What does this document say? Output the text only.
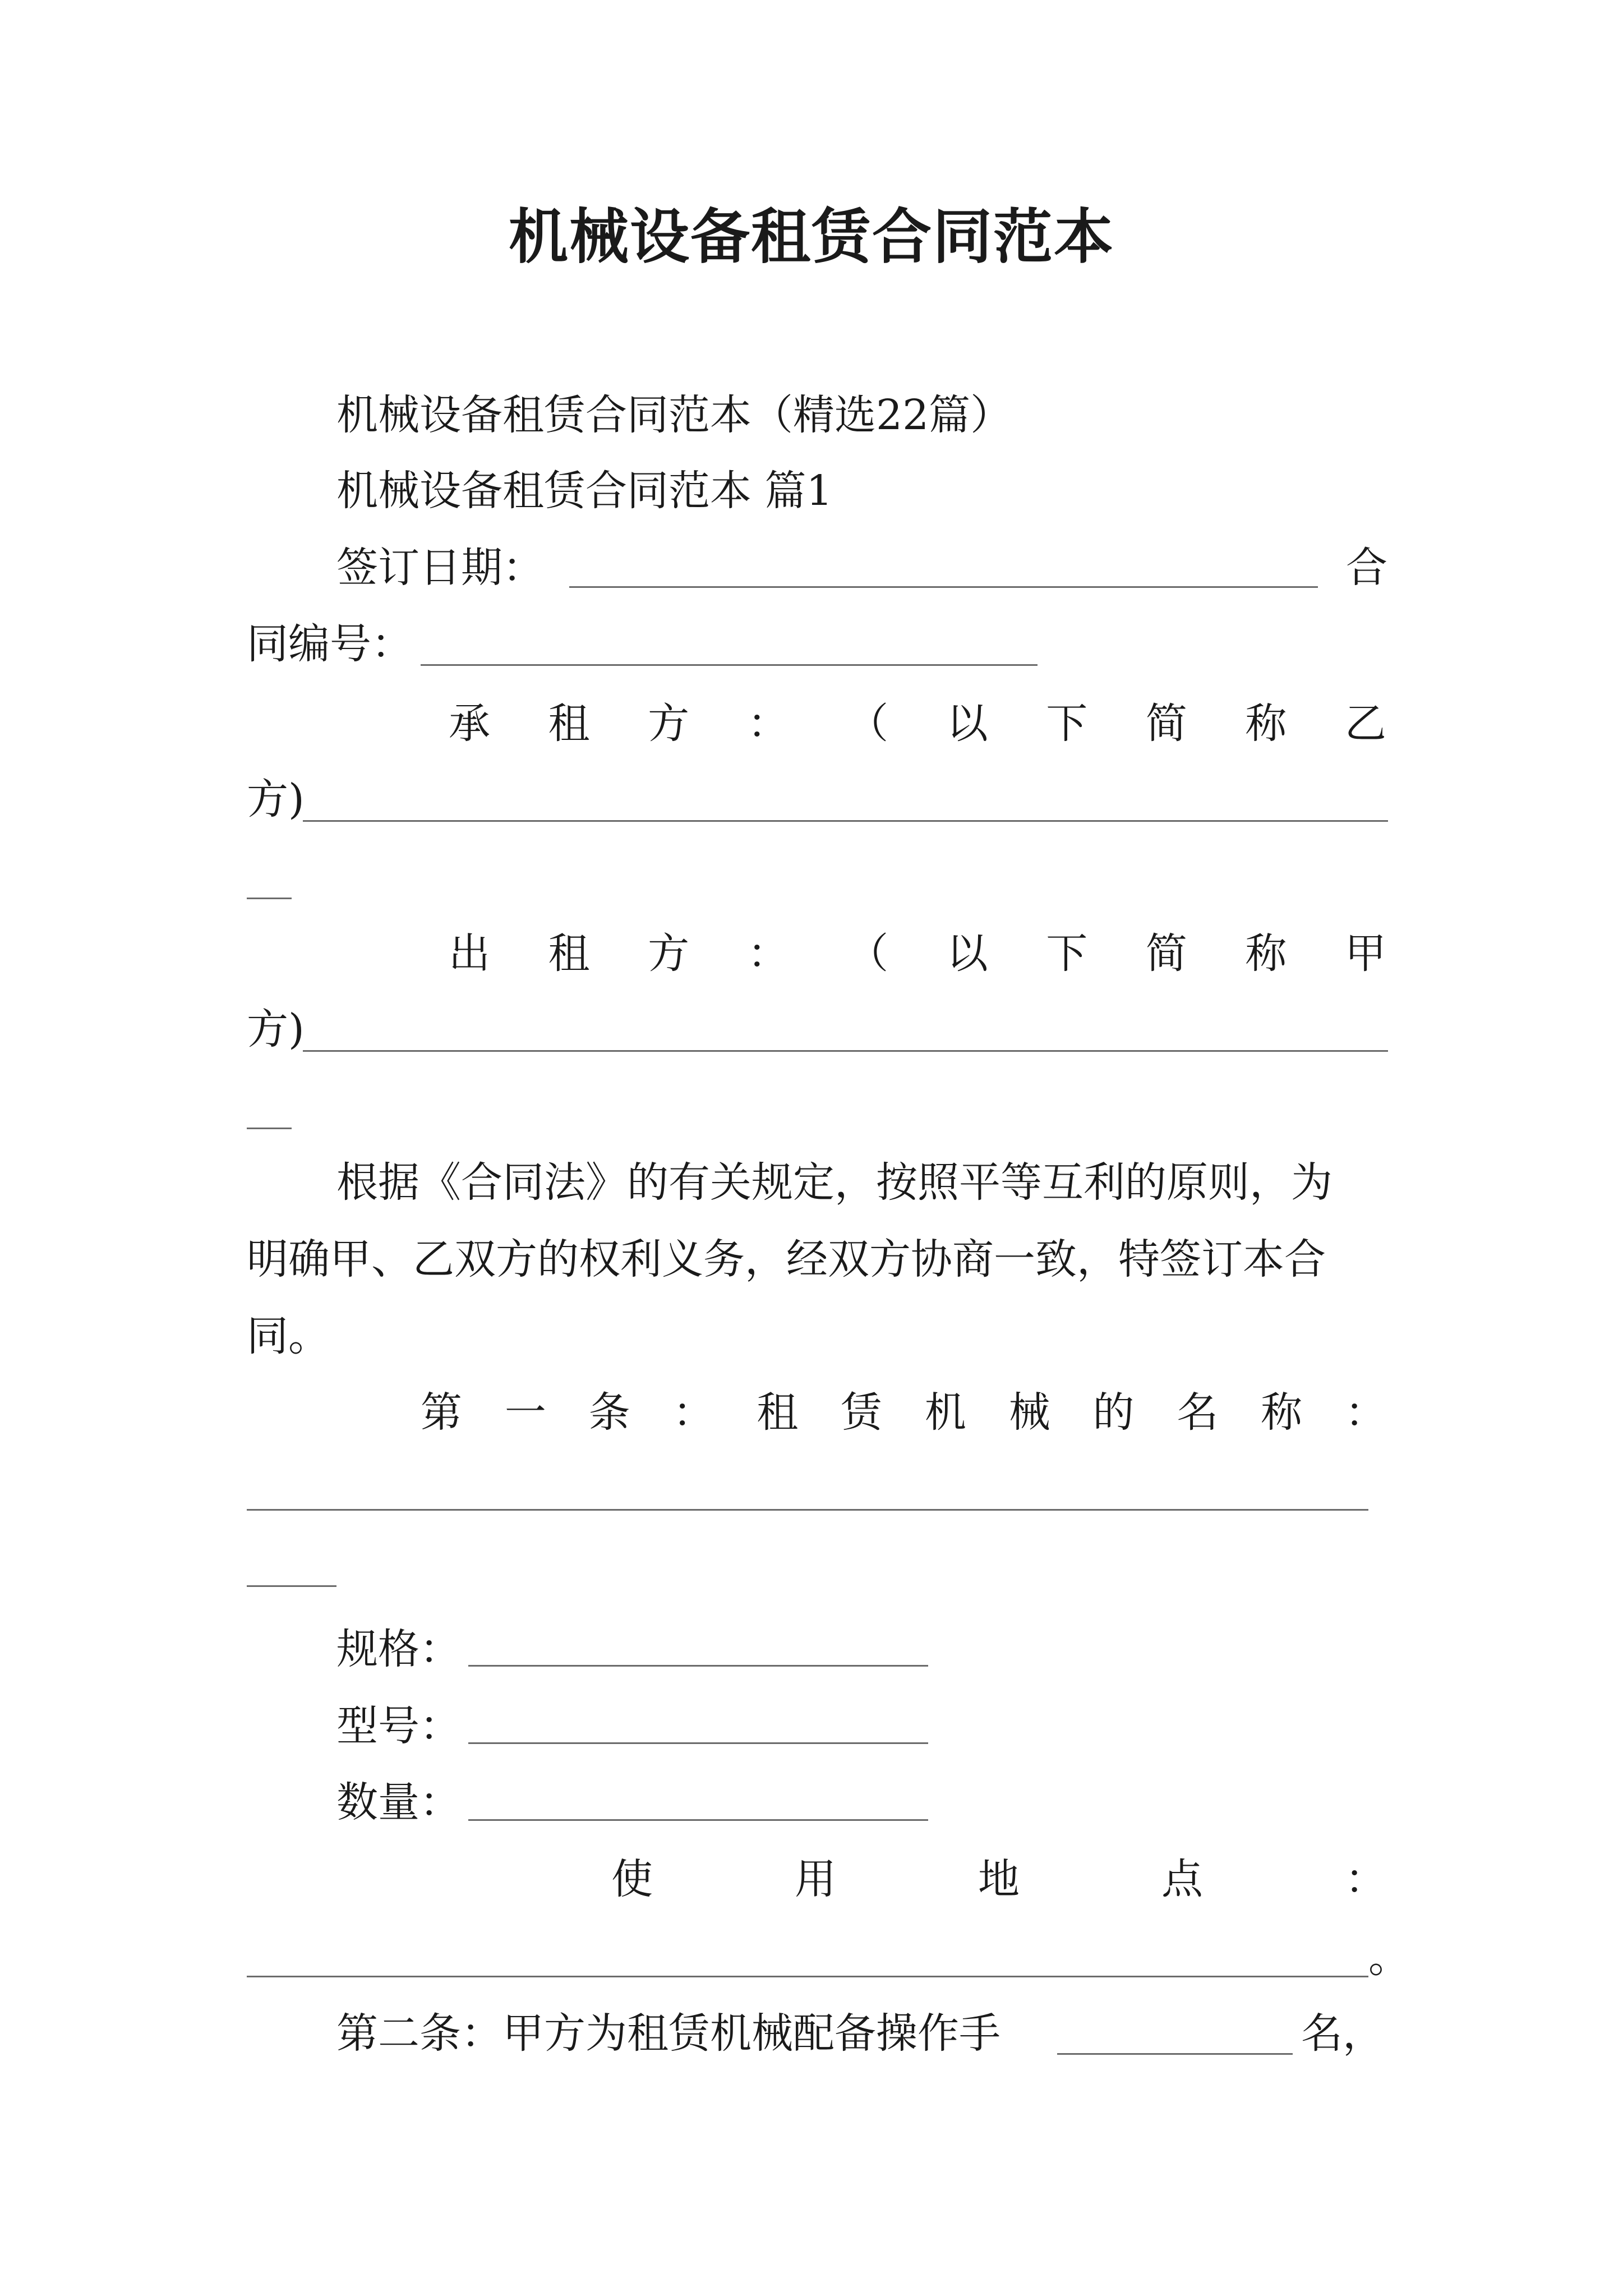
机械设备租赁合同范本
机械设备租赁合同范本（精选22篇）
机械设备租赁合同范本 篇1
签订日期：	合
同编号：
承 租 方 ： （ 以 下 简 称 乙
方)
出 租 方 ： （ 以 下 简 称 甲
方)
根据《合同法》的有关规定，按照平等互利的原则，为
明确甲、乙双方的权利义务，经双方协商一致，特签订本合
同。
第 一 条 ： 租 赁 机 械 的 名 称 ：
规格：
型号：
数量：
使	用	地	点	：
。
第二条：甲方为租赁机械配备操作手	名，
